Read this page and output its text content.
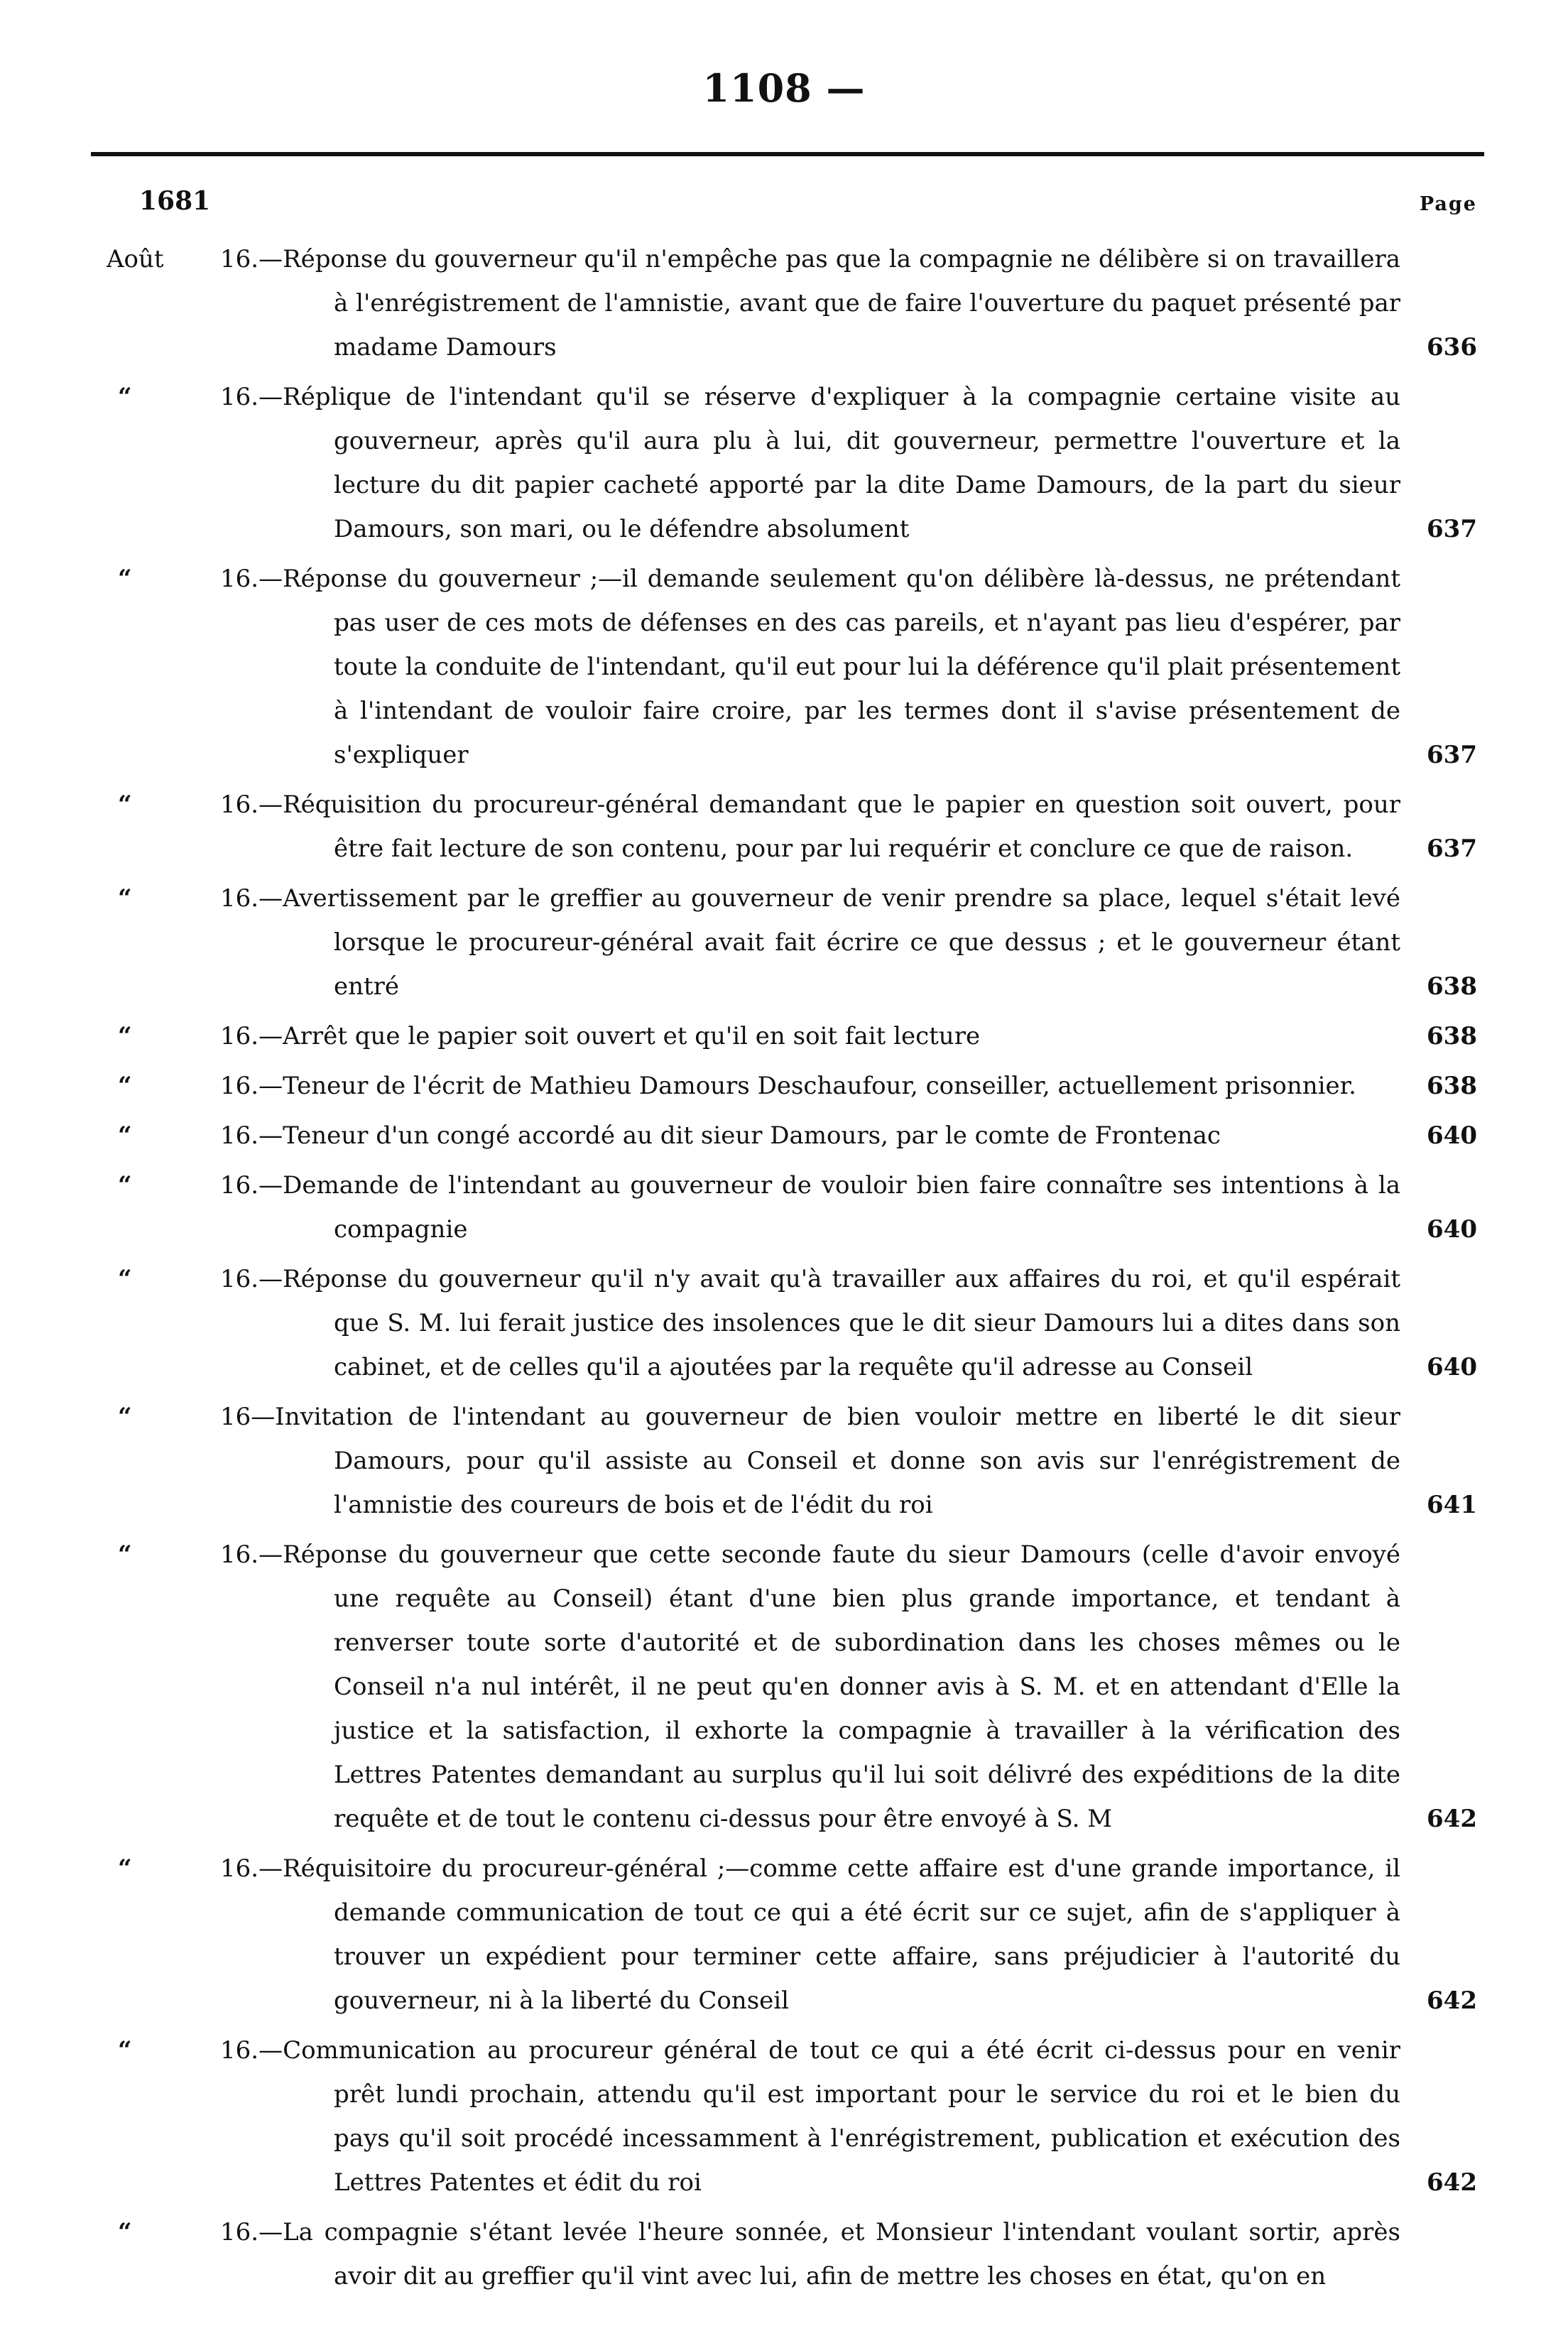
1108 —
1681	Page
Août	16.—Réponse du gouverneur qu'il n'empêche pas que la compagnie ne délibère si on travaillera à l'enrégistrement de l'amnistie, avant que de faire l'ouverture du paquet présenté par madame Damours	636
“	16.—Réplique de l'intendant qu'il se réserve d'expliquer à la compagnie certaine visite au gouverneur, après qu'il aura plu à lui, dit gouverneur, permettre l'ouverture et la lecture du dit papier cacheté apporté par la dite Dame Damours, de la part du sieur Damours, son mari, ou le défendre absolument	637
“	16.—Réponse du gouverneur ;—il demande seulement qu'on délibère là-dessus, ne prétendant pas user de ces mots de défenses en des cas pareils, et n'ayant pas lieu d'espérer, par toute la conduite de l'intendant, qu'il eut pour lui la déférence qu'il plait présentement à l'intendant de vouloir faire croire, par les termes dont il s'avise présentement de s'expliquer	637
“	16.—Réquisition du procureur-général demandant que le papier en question soit ouvert, pour être fait lecture de son contenu, pour par lui requérir et conclure ce que de raison.	637
“	16.—Avertissement par le greffier au gouverneur de venir prendre sa place, lequel s'était levé lorsque le procureur-général avait fait écrire ce que dessus ; et le gouverneur étant entré	638
“	16.—Arrêt que le papier soit ouvert et qu'il en soit fait lecture	638
“	16.—Teneur de l'écrit de Mathieu Damours Deschaufour, conseiller, actuellement prisonnier.	638
“	16.—Teneur d'un congé accordé au dit sieur Damours, par le comte de Frontenac	640
“	16.—Demande de l'intendant au gouverneur de vouloir bien faire connaître ses intentions à la compagnie	640
“	16.—Réponse du gouverneur qu'il n'y avait qu'à travailler aux affaires du roi, et qu'il espérait que S. M. lui ferait justice des insolences que le dit sieur Damours lui a dites dans son cabinet, et de celles qu'il a ajoutées par la requête qu'il adresse au Conseil	640
“	16—Invitation de l'intendant au gouverneur de bien vouloir mettre en liberté le dit sieur Damours, pour qu'il assiste au Conseil et donne son avis sur l'enrégistrement de l'amnistie des coureurs de bois et de l'édit du roi	641
“	16.—Réponse du gouverneur que cette seconde faute du sieur Damours (celle d'avoir envoyé une requête au Conseil) étant d'une bien plus grande importance, et tendant à renverser toute sorte d'autorité et de subordination dans les choses mêmes ou le Conseil n'a nul intérêt, il ne peut qu'en donner avis à S. M. et en attendant d'Elle la justice et la satisfaction, il exhorte la compagnie à travailler à la vérification des Lettres Patentes demandant au surplus qu'il lui soit délivré des expéditions de la dite requête et de tout le contenu ci-dessus pour être envoyé à S. M	642
“	16.—Réquisitoire du procureur-général ;—comme cette affaire est d'une grande importance, il demande communication de tout ce qui a été écrit sur ce sujet, afin de s'appliquer à trouver un expédient pour terminer cette affaire, sans préjudicier à l'autorité du gouverneur, ni à la liberté du Conseil	642
“	16.—Communication au procureur général de tout ce qui a été écrit ci-dessus pour en venir prêt lundi prochain, attendu qu'il est important pour le service du roi et le bien du pays qu'il soit procédé incessamment à l'enrégistrement, publication et exécution des Lettres Patentes et édit du roi	642
“	16.—La compagnie s'étant levée l'heure sonnée, et Monsieur l'intendant voulant sortir, après avoir dit au greffier qu'il vint avec lui, afin de mettre les choses en état, qu'on en
